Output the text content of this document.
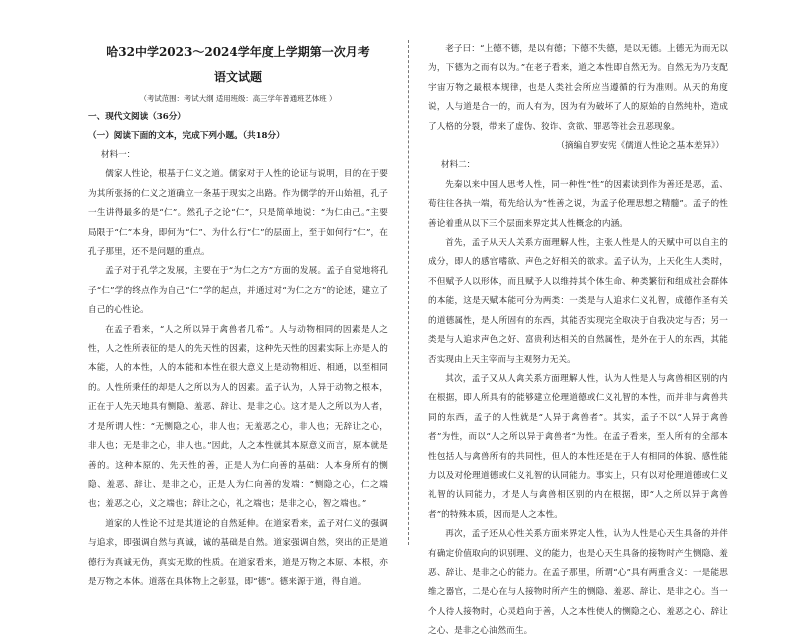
哈32中学2023～2024学年度上学期第一次月考

语文试题

（考试范围：考试大纲 适用班级：高三学年普通班艺体班 ）

一、现代文阅读（36分）

（一）阅读下面的文本，完成下列小题。（共18分）

材料一：

儒家人性论，根基于仁义之道。儒家对于人性的论证与说明，目的在于要为其所张扬的仁义之道确立一条基于现实之出路。作为儒学的开山始祖，孔子一生讲得最多的是“仁”。然孔子之论“仁”，只是简单地说：“为仁由己。”主要局限于“仁”本身，即何为“仁”、为什么行“仁”的层面上，至于如何行“仁”，在孔子那里，还不是问题的重点。

孟子对于孔学之发展，主要在于“为仁之方”方面的发展。孟子自觉地将孔子“仁”学的终点作为自己“仁”学的起点，并通过对“为仁之方”的论述，建立了自己的心性论。

在孟子看来，“人之所以异于禽兽者几希”。人与动物相同的因素是人之性，人之性所表征的是人的先天性的因素，这种先天性的因素实际上亦是人的本能，人的本性，人的本能和本性在很大意义上是动物相近、相通，以至相同的。人性所秉任的却是人之所以为人的因素。孟子认为，人异于动物之根本，正在于人先天地具有恻隐、羞恶、辞让、是非之心。这才是人之所以为人者，才是所谓人性：“无恻隐之心，非人也；无羞恶之心，非人也；无辞让之心，非人也；无是非之心，非人也。”因此，人之本性就其本原意义而言，原本就是善的。这种本原的、先天性的善，正是人为仁向善的基础：人本身所有的恻隐、羞恶、辞让、是非之心，正是人为仁向善的发端：“恻隐之心，仁之端也；羞恶之心，义之端也；辞让之心，礼之端也；是非之心，智之端也。”

道家的人性论不过是其道论的自然延伸。在道家看来，孟子对仁义的强调与追求，即强调自然与真诚，诚的基础是自然。道家强调自然，突出的正是道德行为真诚无伪，真实无欺的性质。在道家看来，道是万物之本原、本根，亦是万物之本体。道落在具体物上之彰显，即“德”。德来源于道，得自道。

老子曰：“上德不德，是以有德；下德不失德，是以无德。上德无为而无以为，下德为之而有以为。”在老子看来，道之本性即自然无为。自然无为乃支配宇宙万物之最根本规律，也是人类社会所应当遵循的行为准则。从天的角度说，人与道是合一的，而人有为，因为有为破坏了人的原始的自然纯朴，造成了人格的分裂，带来了虚伪、狡诈、贪欲、罪恶等社会丑恶现象。

（摘编自罗安宪《儒道人性论之基本差异》）

材料二：

先秦以来中国人思考人性，同一种性“性”的因素读到作为善还是恶，孟、荀往往各执一端，荀先给认为“性善之说，为孟子伦理思想之精髓”。孟子的性善论着重从以下三个层面来界定其人性概念的内涵。

首先，孟子从天人关系方面理解人性，主张人性是人的天赋中可以自主的成分，即人的感官嗜欲、声色之好相关的欲求。孟子认为，上天化生人类时，不但赋予人以形体，而且赋予人以维持其个体生命、种类繁衍和组成社会群体的本能，这是天赋本能可分为两类：一类是与人追求仁义礼智，成德作圣有关的道德属性，是人所固有的东西，其能否实现完全取决于自我决定与否；另一类是与人追求声色之好、富贵利达相关的自然属性，是外在于人的东西，其能否实现由上天主宰而与主观努力无关。

其次，孟子又从人禽关系方面理解人性，认为人性是人与禽兽相区别的内在根据，即人所具有的能够建立伦理道德或仁义礼智的本性，而并非与禽兽共同的东西，孟子的人性就是“人异于禽兽者”。其实，孟子不以“人异于禽兽者”为性，而以“人之所以异于禽兽者”为性。在孟子看来，至人所有的全部本性包括人与禽兽所有的共同性，但人的本性还是在于人有相同的体貌、感性能力以及对伦理道德或仁义礼智的认同能力。事实上，只有以对伦理道德或仁义礼智的认同能力，才是人与禽兽相区别的内在根据，即“人之所以异于禽兽者”的特殊本质，因而是人之本性。

再次，孟子还从心性关系方面来界定人性，认为人性是心天生具备的并伴有确定价值取向的识别理、义的能力，也是心天生具备的接物时产生恻隐、羞恶、辞让、是非之心的能力。在孟子那里，所谓“心”具有两重含义：一是能思维之器官，二是心在与人接物时所产生的恻隐、羞恶、辞让、是非之心。当一个人待人接物时，心灵趋向于善，人之本性使人的恻隐之心、羞恶之心、辞让之心、是非之心油然而生。
